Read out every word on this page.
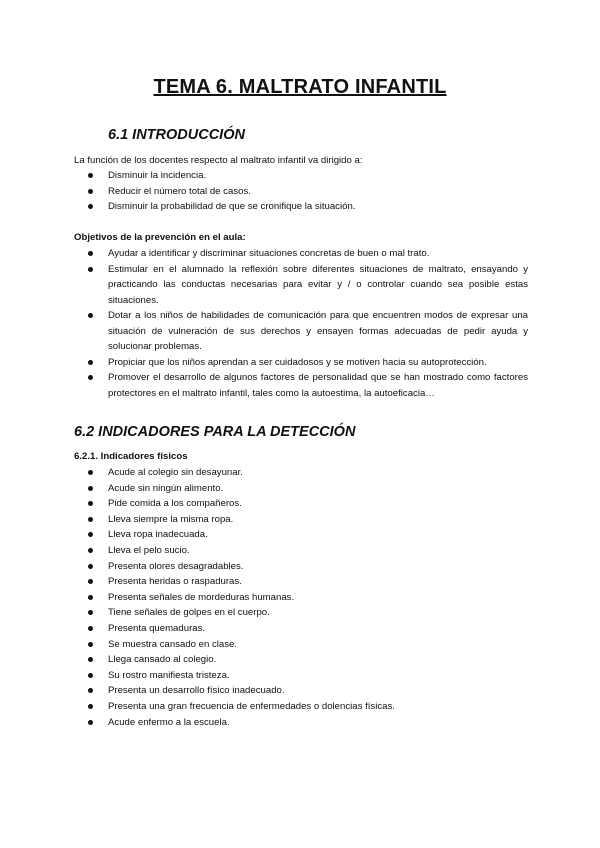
TEMA 6. MALTRATO INFANTIL
6.1 INTRODUCCIÓN
La función de los docentes respecto al maltrato infantil va dirigido a:
Disminuir la incidencia.
Reducir el número total de casos.
Disminuir la probabilidad de que se cronifique la situación.
Objetivos de la prevención en el aula:
Ayudar a identificar y discriminar situaciones concretas de buen o mal trato.
Estimular en el alumnado la reflexión sobre diferentes situaciones de maltrato, ensayando y practicando las conductas necesarias para evitar y / o controlar cuando sea posible estas situaciones.
Dotar a los niños de habilidades de comunicación para que encuentren modos de expresar una situación de vulneración de sus derechos y ensayen formas adecuadas de pedir ayuda y solucionar problemas.
Propiciar que los niños aprendan a ser cuidadosos y se motiven hacia su autoprotección.
Promover el desarrollo de algunos factores de personalidad que se han mostrado como factores protectores en el maltrato infantil, tales como la autoestima, la autoeficacia…
6.2 INDICADORES PARA LA DETECCIÓN
6.2.1. Indicadores físicos
Acude al colegio sin desayunar.
Acude sin ningún alimento.
Pide comida a los compañeros.
Lleva siempre la misma ropa.
Lleva ropa inadecuada.
Lleva el pelo sucio.
Presenta olores desagradables.
Presenta heridas o raspaduras.
Presenta señales de mordeduras humanas.
Tiene señales de golpes en el cuerpo.
Presenta quemaduras.
Se muestra cansado en clase.
Llega cansado al colegio.
Su rostro manifiesta tristeza.
Presenta un desarrollo físico inadecuado.
Presenta una gran frecuencia de enfermedades o dolencias físicas.
Acude enfermo a la escuela.
